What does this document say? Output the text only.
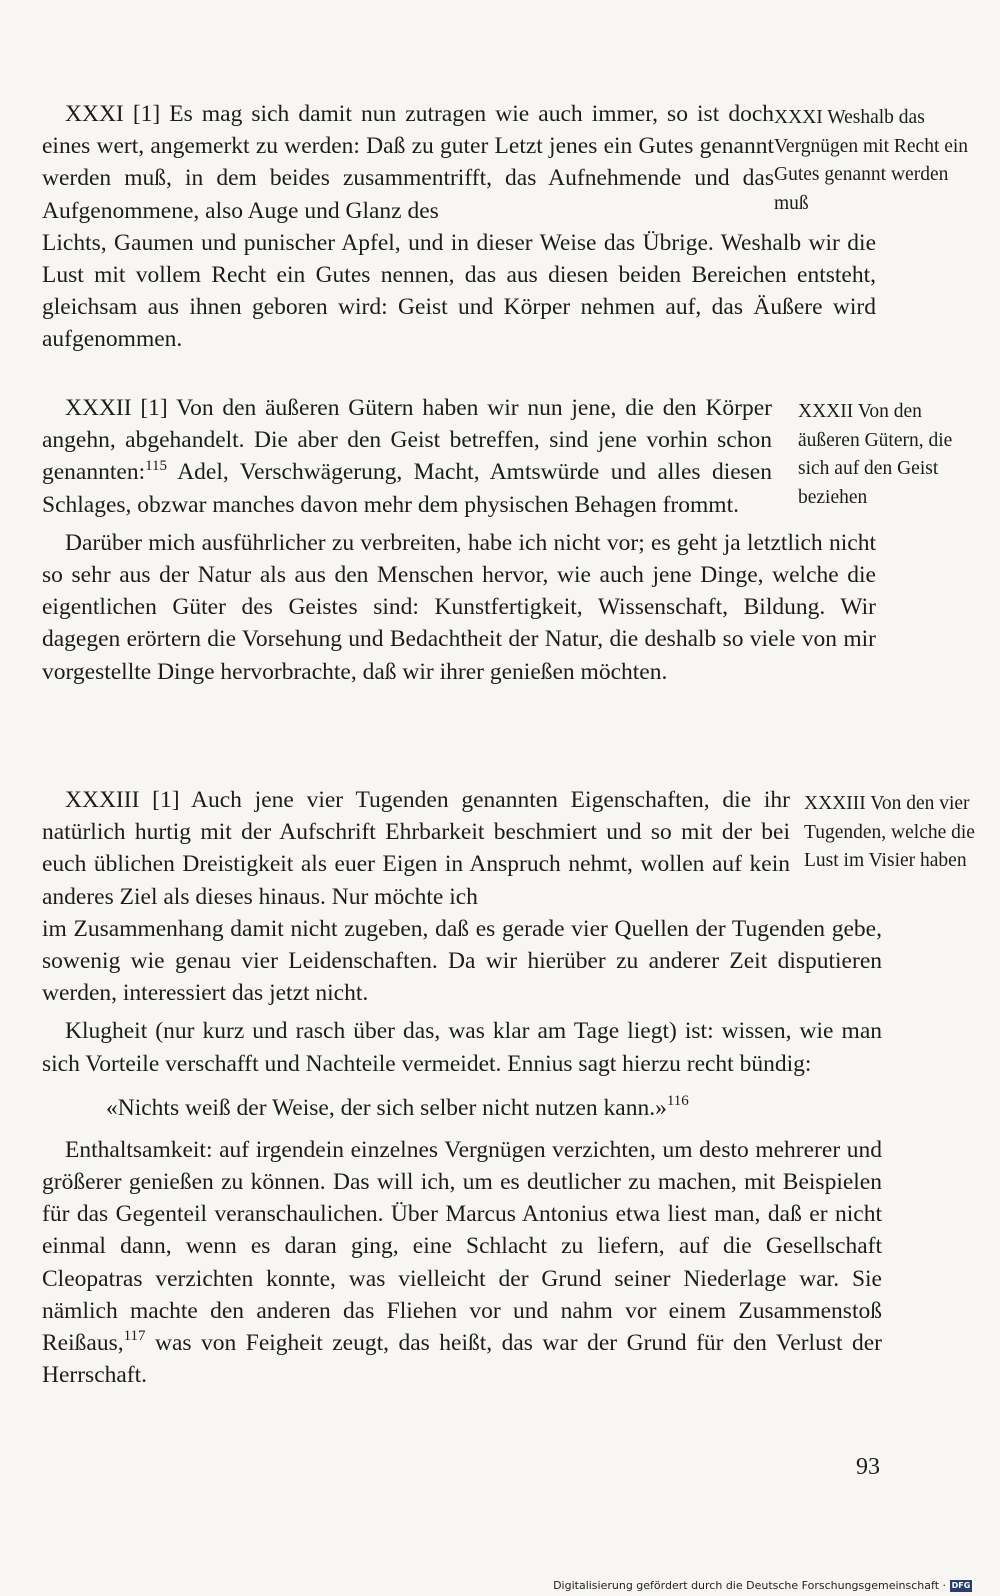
XXXI [1] Es mag sich damit nun zutragen wie auch immer, so ist doch eines wert, angemerkt zu werden: Daß zu guter Letzt jenes ein Gutes genannt werden muß, in dem beides zusammentrifft, das Aufnehmende und das Aufgenommene, also Auge und Glanz des

XXXI Weshalb das Vergnügen mit Recht ein Gutes genannt werden muß

Lichts, Gaumen und punischer Apfel, und in dieser Weise das Übrige. Weshalb wir die Lust mit vollem Recht ein Gutes nennen, das aus diesen beiden Bereichen entsteht, gleichsam aus ihnen geboren wird: Geist und Körper nehmen auf, das Äußere wird aufgenommen.

XXXII [1] Von den äußeren Gütern haben wir nun jene, die den Körper angehn, abgehandelt. Die aber den Geist betreffen, sind jene vorhin schon genannten:$^{115}$ Adel, Verschwägerung, Macht, Amtswürde und alles diesen Schlages, obzwar manches davon mehr dem physischen Behagen frommt.

XXXII Von den äußeren Gütern, die sich auf den Geist beziehen

Darüber mich ausführlicher zu verbreiten, habe ich nicht vor; es geht ja letztlich nicht so sehr aus der Natur als aus den Menschen hervor, wie auch jene Dinge, welche die eigentlichen Güter des Geistes sind: Kunstfertigkeit, Wissenschaft, Bildung. Wir dagegen erörtern die Vorsehung und Bedachtheit der Natur, die deshalb so viele von mir vorgestellte Dinge hervorbrachte, daß wir ihrer genießen möchten.

XXXIII [1] Auch jene vier Tugenden genannten Eigenschaften, die ihr natürlich hurtig mit der Aufschrift Ehrbarkeit beschmiert und so mit der bei euch üblichen Dreistigkeit als euer Eigen in Anspruch nehmt, wollen auf kein anderes Ziel als dieses hinaus. Nur möchte ich

XXXIII Von den vier Tugenden, welche die Lust im Visier haben

im Zusammenhang damit nicht zugeben, daß es gerade vier Quellen der Tugenden gebe, sowenig wie genau vier Leidenschaften. Da wir hierüber zu anderer Zeit disputieren werden, interessiert das jetzt nicht.

Klugheit (nur kurz und rasch über das, was klar am Tage liegt) ist: wissen, wie man sich Vorteile verschafft und Nachteile vermeidet. Ennius sagt hierzu recht bündig:

«Nichts weiß der Weise, der sich selber nicht nutzen kann.»$^{116}$

Enthaltsamkeit: auf irgendein einzelnes Vergnügen verzichten, um desto mehrerer und größerer genießen zu können. Das will ich, um es deutlicher zu machen, mit Beispielen für das Gegenteil veranschaulichen. Über Marcus Antonius etwa liest man, daß er nicht einmal dann, wenn es daran ging, eine Schlacht zu liefern, auf die Gesellschaft Cleopatras verzichten konnte, was vielleicht der Grund seiner Niederlage war. Sie nämlich machte den anderen das Fliehen vor und nahm vor einem Zusammenstoß Reißaus,$^{117}$ was von Feigheit zeugt, das heißt, das war der Grund für den Verlust der Herrschaft.

93
Digitalisierung gefördert durch die Deutsche Forschungsgemeinschaft · DFG
